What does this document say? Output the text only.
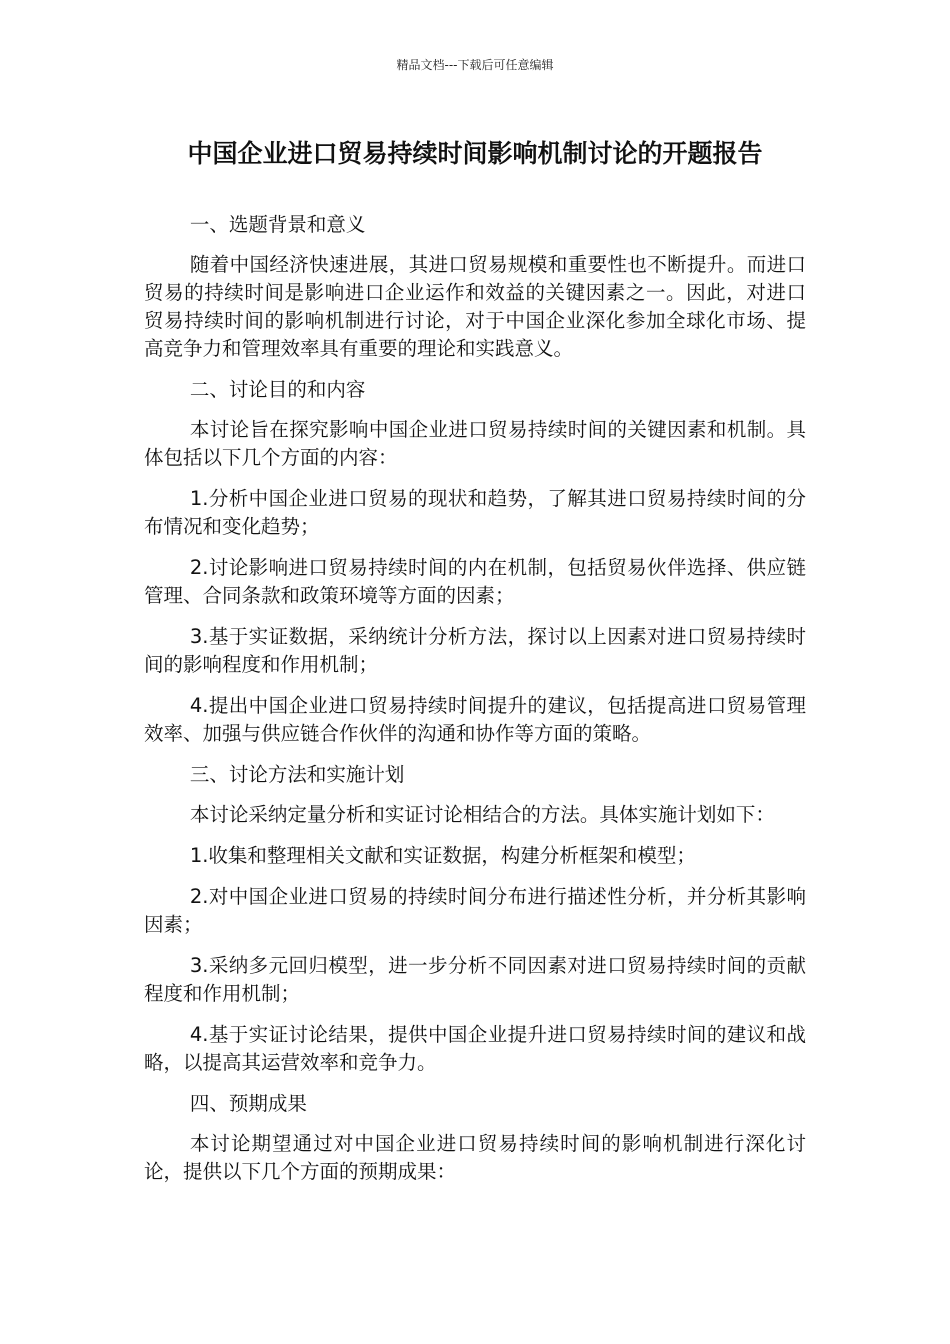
精品文档---下载后可任意编辑
中国企业进口贸易持续时间影响机制讨论的开题报告

一、选题背景和意义

随着中国经济快速进展，其进口贸易规模和重要性也不断提升。而进口贸易的持续时间是影响进口企业运作和效益的关键因素之一。因此，对进口贸易持续时间的影响机制进行讨论，对于中国企业深化参加全球化市场、提高竞争力和管理效率具有重要的理论和实践意义。

二、讨论目的和内容

本讨论旨在探究影响中国企业进口贸易持续时间的关键因素和机制。具体包括以下几个方面的内容：

1.分析中国企业进口贸易的现状和趋势，了解其进口贸易持续时间的分布情况和变化趋势；

2.讨论影响进口贸易持续时间的内在机制，包括贸易伙伴选择、供应链管理、合同条款和政策环境等方面的因素；

3.基于实证数据，采纳统计分析方法，探讨以上因素对进口贸易持续时间的影响程度和作用机制；

4.提出中国企业进口贸易持续时间提升的建议，包括提高进口贸易管理效率、加强与供应链合作伙伴的沟通和协作等方面的策略。

三、讨论方法和实施计划

本讨论采纳定量分析和实证讨论相结合的方法。具体实施计划如下：

1.收集和整理相关文献和实证数据，构建分析框架和模型；

2.对中国企业进口贸易的持续时间分布进行描述性分析，并分析其影响因素；

3.采纳多元回归模型，进一步分析不同因素对进口贸易持续时间的贡献程度和作用机制；

4.基于实证讨论结果，提供中国企业提升进口贸易持续时间的建议和战略，以提高其运营效率和竞争力。

四、预期成果

本讨论期望通过对中国企业进口贸易持续时间的影响机制进行深化讨论，提供以下几个方面的预期成果：
